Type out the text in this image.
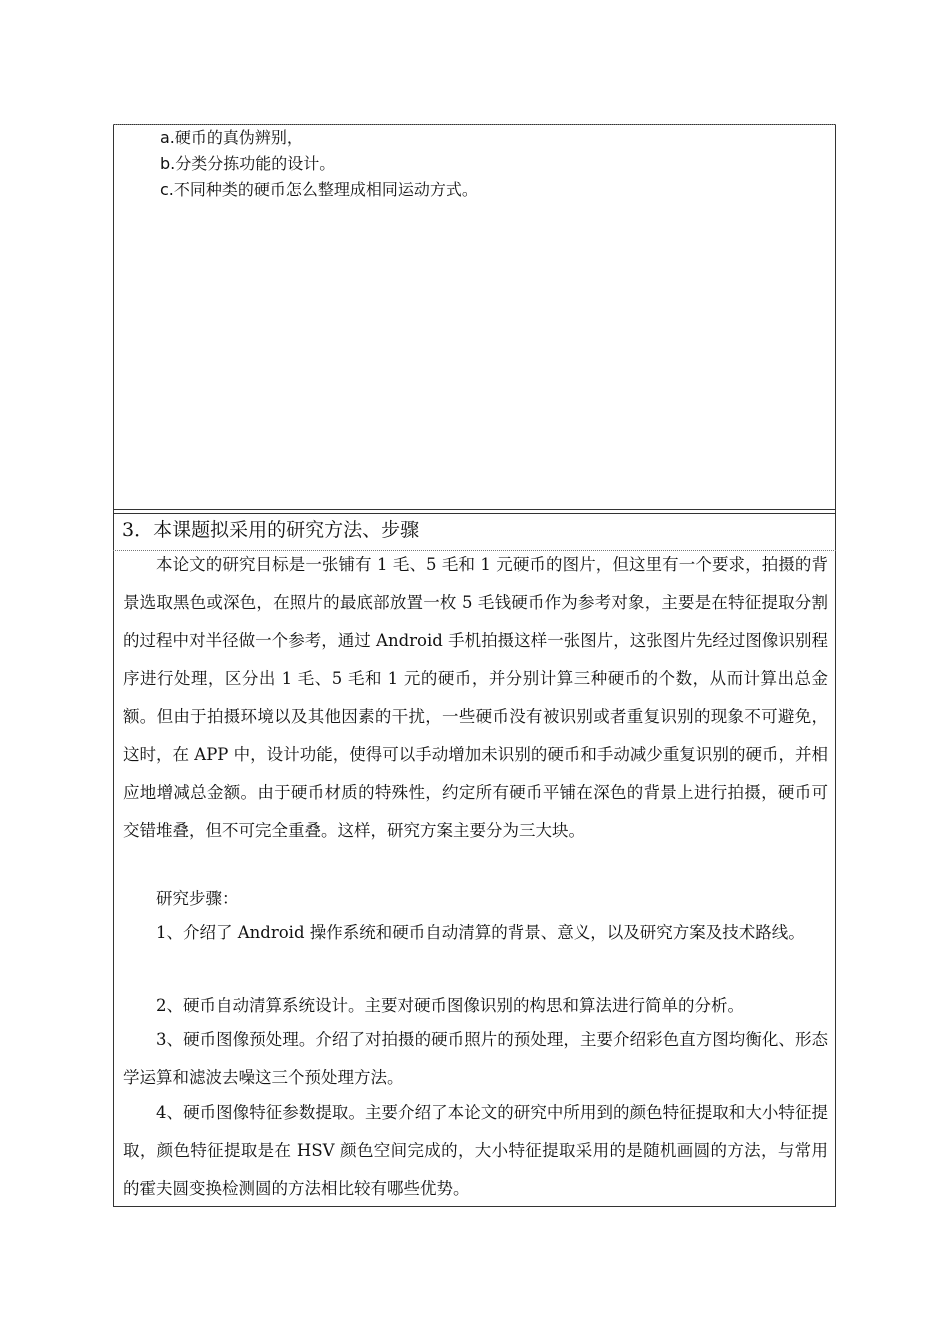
a.硬币的真伪辨别，
b.分类分拣功能的设计。
c.不同种类的硬币怎么整理成相同运动方式。
3．本课题拟采用的研究方法、步骤
本论文的研究目标是一张铺有 1 毛、5 毛和 1 元硬币的图片，但这里有一个要求，拍摄的背景选取黑色或深色，在照片的最底部放置一枚 5 毛钱硬币作为参考对象，主要是在特征提取分割的过程中对半径做一个参考，通过 Android 手机拍摄这样一张图片，这张图片先经过图像识别程序进行处理，区分出 1 毛、5 毛和 1 元的硬币，并分别计算三种硬币的个数，从而计算出总金额。但由于拍摄环境以及其他因素的干扰，一些硬币没有被识别或者重复识别的现象不可避免，这时，在 APP 中，设计功能，使得可以手动增加未识别的硬币和手动减少重复识别的硬币，并相应地增减总金额。由于硬币材质的特殊性，约定所有硬币平铺在深色的背景上进行拍摄，硬币可交错堆叠，但不可完全重叠。这样，研究方案主要分为三大块。
研究步骤：
1、介绍了 Android 操作系统和硬币自动清算的背景、意义，以及研究方案及技术路线。
2、硬币自动清算系统设计。主要对硬币图像识别的构思和算法进行简单的分析。
3、硬币图像预处理。介绍了对拍摄的硬币照片的预处理，主要介绍彩色直方图均衡化、形态学运算和滤波去噪这三个预处理方法。
4、硬币图像特征参数提取。主要介绍了本论文的研究中所用到的颜色特征提取和大小特征提取，颜色特征提取是在 HSV 颜色空间完成的，大小特征提取采用的是随机画圆的方法，与常用的霍夫圆变换检测圆的方法相比较有哪些优势。
